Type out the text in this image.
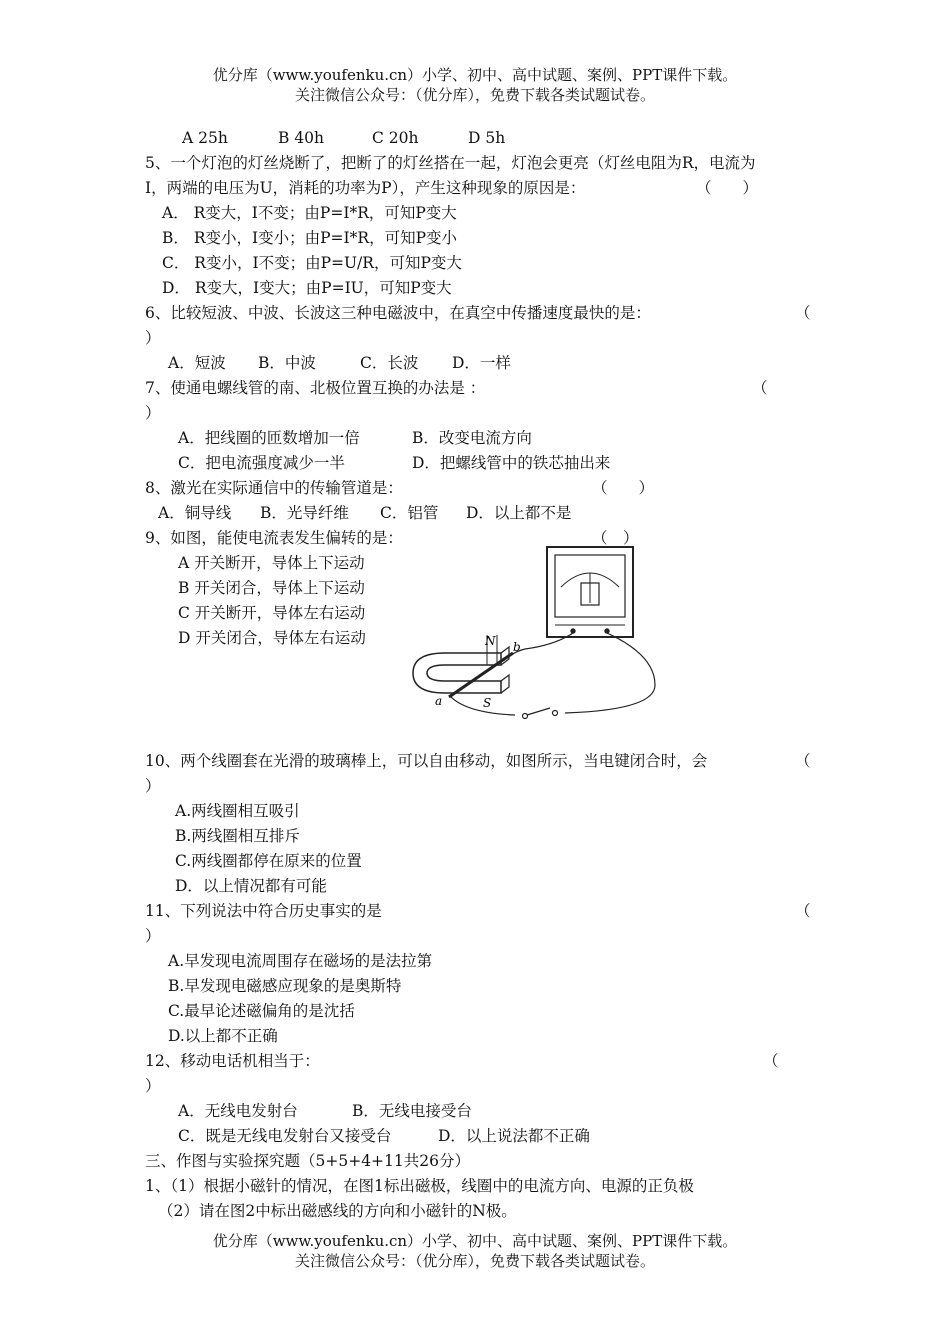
优分库（www.youfenku.cn）小学、初中、高中试题、案例、PPT课件下载。
关注微信公众号：（优分库），免费下载各类试题试卷。
A 25h	B 40h	C 20h	D 5h
5、一个灯泡的灯丝烧断了，把断了的灯丝搭在一起，灯泡会更亮（灯丝电阻为R，电流为
I，两端的电压为U，消耗的功率为P），产生这种现象的原因是：	（　　）
A． R变大，I不变；由P=I*R，可知P变大
B． R变小，I变小；由P=I*R，可知P变小
C． R变小，I不变；由P=U/R，可知P变大
D． R变大，I变大；由P=IU，可知P变大
6、比较短波、中波、长波这三种电磁波中，在真空中传播速度最快的是：	（
）
A．短波 B．中波	C．长波 D．一样
7、使通电螺线管的南、北极位置互换的办法是 ：	（
）
A．把线圈的匝数增加一倍	B．改变电流方向
C．把电流强度减少一半	D．把螺线管中的铁芯抽出来
8、激光在实际通信中的传输管道是：	（　　）
A．铜导线 B．光导纤维 C．铝管 D．以上都不是
9、如图，能使电流表发生偏转的是：	（　）
A 开关断开，导体上下运动
B 开关闭合，导体上下运动
C 开关断开，导体左右运动
D 开关闭合，导体左右运动	N
S
a
b
10、两个线圈套在光滑的玻璃棒上，可以自由移动，如图所示，当电键闭合时，会	（
）
A.两线圈相互吸引
B.两线圈相互排斥
C.两线圈都停在原来的位置
D．以上情况都有可能
11、下列说法中符合历史事实的是	（
）
A.早发现电流周围存在磁场的是法拉第
B.早发现电磁感应现象的是奥斯特
C.最早论述磁偏角的是沈括
D.以上都不正确
12、移动电话机相当于：	（
）
A．无线电发射台	B．无线电接受台
C．既是无线电发射台又接受台	D．以上说法都不正确
三、作图与实验探究题（5+5+4+11共26分）
1、（1）根据小磁针的情况，在图1标出磁极，线圈中的电流方向、电源的正负极
（2）请在图2中标出磁感线的方向和小磁针的N极。
优分库（www.youfenku.cn）小学、初中、高中试题、案例、PPT课件下载。
关注微信公众号：（优分库），免费下载各类试题试卷。
